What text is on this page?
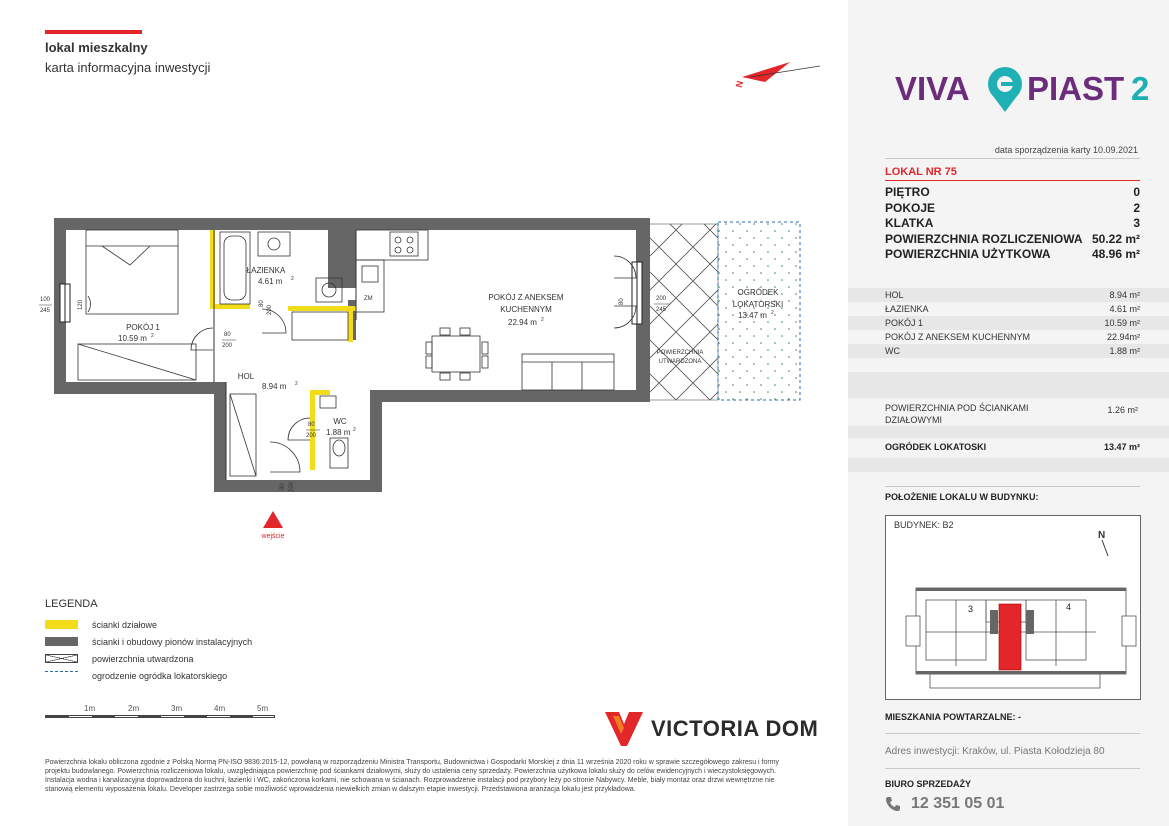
lokal mieszkalny
karta informacyjna inwestycji
N
ŁAZIENKA
4.61 m
POKÓJ 1
10.59 m
HOL
8.94 m
WC
1.88 m
POKÓJ Z ANEKSEM
KUCHENNYM
22.94 m
OGRÓDEK
LOKATORSKI
13.47 m
2
2
2
2
2
2
ZM
POWIERZCHNIA
UTWARDZONA
100
245
120
80
200
80
200
80
200
90 200
200
245
80
wejście
LEGENDA
ścianki działowe
ścianki i obudowy pionów instalacyjnych
powierzchnia utwardzona
ogrodzenie ogródka lokatorskiego
1m	2m	3m	4m	5m
VICTORIA DOM
Powierzchnia lokalu obliczona zgodnie z Polską Normą PN-ISO 9836:2015-12, powołaną w rozporządzeniu Ministra Transportu, Budownictwa i Gospodarki Morskiej z dnia 11 września 2020 roku w sprawie szczegółowego zakresu i formy projektu budowlanego. Powierzchnia rozliczeniowa lokalu, uwzględniająca powierzchnię pod ściankami działowymi, służy do ustalenia ceny sprzedaży. Powierzchnia użytkowa lokalu służy do celów ewidencyjnych i wieczystoksięgowych. Instalacja wodna i kanalizacyjna doprowadzona do kuchni, łazienki i WC, zakończona korkami, nie schowana w ścianach. Rozprowadzenie instalacji pod przybory leży po stronie Nabywcy. Meble, biały montaż oraz drzwi wewnętrzne nie stanowią elementu wyposażenia lokalu. Developer zastrzega sobie możliwość wprowadzenia niewielkich zmian w dalszym etapie inwestycji. Przedstawiona aranżacja lokalu jest przykładowa.
VIVA PIAST 2
data sporządzenia karty 10.09.2021
LOKAL NR 75
PIĘTRO	0
POKOJE	2
KLATKA	3
POWIERZCHNIA ROZLICZENIOWA 50.22 m²
POWIERZCHNIA UŻYTKOWA	48.96 m²
HOL	8.94 m²
ŁAZIENKA	4.61 m²
POKÓJ 1	10.59 m²
POKÓJ Z ANEKSEM KUCHENNYM	22.94m²
WC	1.88 m²
POWIERZCHNIA POD ŚCIANKAMI DZIAŁOWYMI
1.26 m²
OGRÓDEK LOKATOSKI	13.47 m²
POŁOŻENIE LOKALU W BUDYNKU:
BUDYNEK: B2
N
3	4
MIESZKANIA POWTARZALNE: -
Adres inwestycji: Kraków, ul. Piasta Kołodzieja 80
BIURO SPRZEDAŻY
12 351 05 01
